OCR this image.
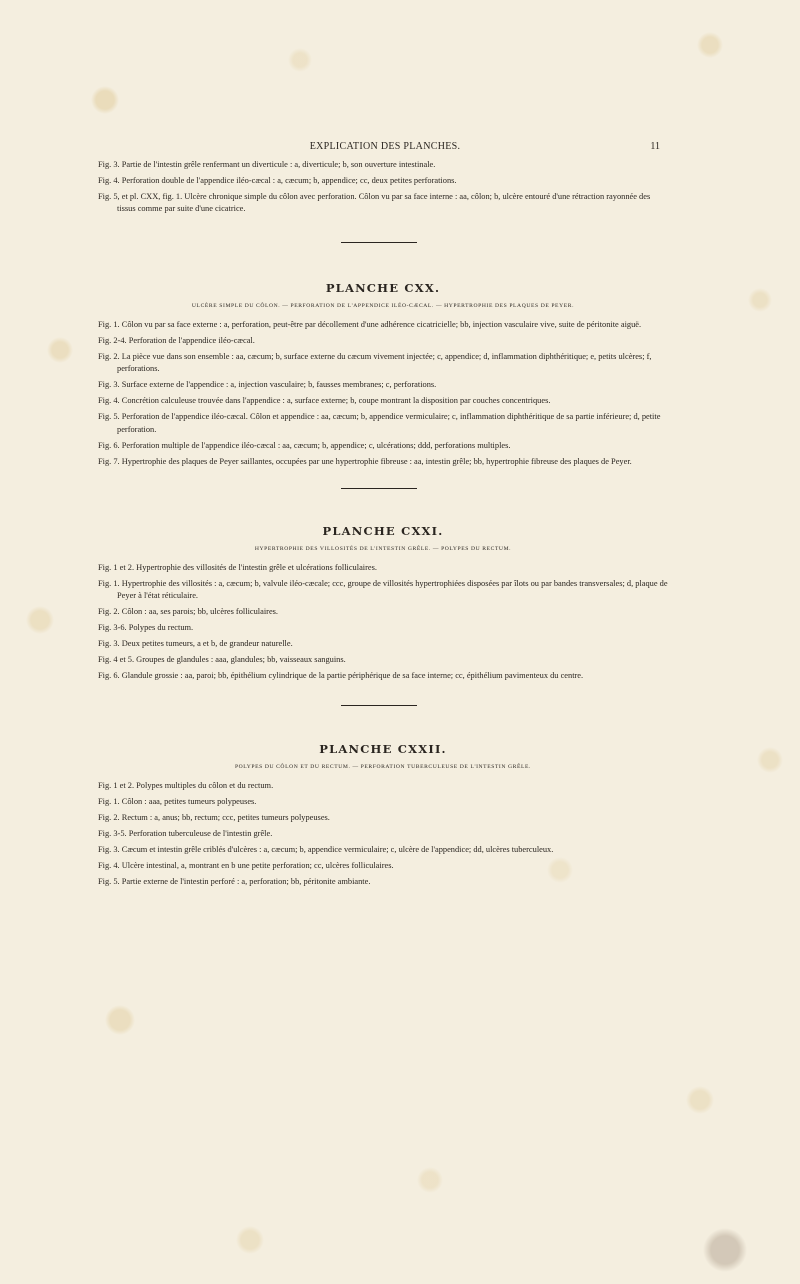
EXPLICATION DES PLANCHES.	11

Fig. 3. Partie de l'intestin grêle renfermant un diverticule : a, diverticule; b, son ouverture intestinale.

Fig. 4. Perforation double de l'appendice iléo-cæcal : a, cæcum; b, appendice; cc, deux petites perforations.

Fig. 5, et pl. CXX, fig. 1. Ulcère chronique simple du côlon avec perforation. Côlon vu par sa face interne : aa, côlon; b, ulcère entouré d'une rétraction rayonnée des tissus comme par suite d'une cicatrice.

PLANCHE CXX.
ULCÈRE SIMPLE DU CÔLON. — PERFORATION DE L'APPENDICE ILÉO-CÆCAL. — HYPERTROPHIE DES PLAQUES DE PEYER.

Fig. 1. Côlon vu par sa face externe : a, perforation, peut-être par décollement d'une adhérence cicatricielle; bb, injection vasculaire vive, suite de péritonite aiguë.

Fig. 2-4. Perforation de l'appendice iléo-cæcal.

Fig. 2. La pièce vue dans son ensemble : aa, cæcum; b, surface externe du cæcum vivement injectée; c, appendice; d, inflammation diphthéritique; e, petits ulcères; f, perforations.

Fig. 3. Surface externe de l'appendice : a, injection vasculaire; b, fausses membranes; c, perforations.

Fig. 4. Concrétion calculeuse trouvée dans l'appendice : a, surface externe; b, coupe montrant la disposition par couches concentriques.

Fig. 5. Perforation de l'appendice iléo-cæcal. Côlon et appendice : aa, cæcum; b, appendice vermiculaire; c, inflammation diphthéritique de sa partie inférieure; d, petite perforation.

Fig. 6. Perforation multiple de l'appendice iléo-cæcal : aa, cæcum; b, appendice; c, ulcérations; ddd, perforations multiples.

Fig. 7. Hypertrophie des plaques de Peyer saillantes, occupées par une hypertrophie fibreuse : aa, intestin grêle; bb, hypertrophie fibreuse des plaques de Peyer.

PLANCHE CXXI.
HYPERTROPHIE DES VILLOSITÉS DE L'INTESTIN GRÊLE. — POLYPES DU RECTUM.

Fig. 1 et 2. Hypertrophie des villosités de l'intestin grêle et ulcérations folliculaires.

Fig. 1. Hypertrophie des villosités : a, cæcum; b, valvule iléo-cæcale; ccc, groupe de villosités hypertrophiées disposées par îlots ou par bandes transversales; d, plaque de Peyer à l'état réticulaire.

Fig. 2. Côlon : aa, ses parois; bb, ulcères folliculaires.

Fig. 3-6. Polypes du rectum.

Fig. 3. Deux petites tumeurs, a et b, de grandeur naturelle.

Fig. 4 et 5. Groupes de glandules : aaa, glandules; bb, vaisseaux sanguins.

Fig. 6. Glandule grossie : aa, paroi; bb, épithélium cylindrique de la partie périphérique de sa face interne; cc, épithélium pavimenteux du centre.

PLANCHE CXXII.
POLYPES DU CÔLON ET DU RECTUM. — PERFORATION TUBERCULEUSE DE L'INTESTIN GRÊLE.

Fig. 1 et 2. Polypes multiples du côlon et du rectum.

Fig. 1. Côlon : aaa, petites tumeurs polypeuses.

Fig. 2. Rectum : a, anus; bb, rectum; ccc, petites tumeurs polypeuses.

Fig. 3-5. Perforation tuberculeuse de l'intestin grêle.

Fig. 3. Cæcum et intestin grêle criblés d'ulcères : a, cæcum; b, appendice vermiculaire; c, ulcère de l'appendice; dd, ulcères tuberculeux.

Fig. 4. Ulcère intestinal, a, montrant en b une petite perforation; cc, ulcères folliculaires.

Fig. 5. Partie externe de l'intestin perforé : a, perforation; bb, péritonite ambiante.
